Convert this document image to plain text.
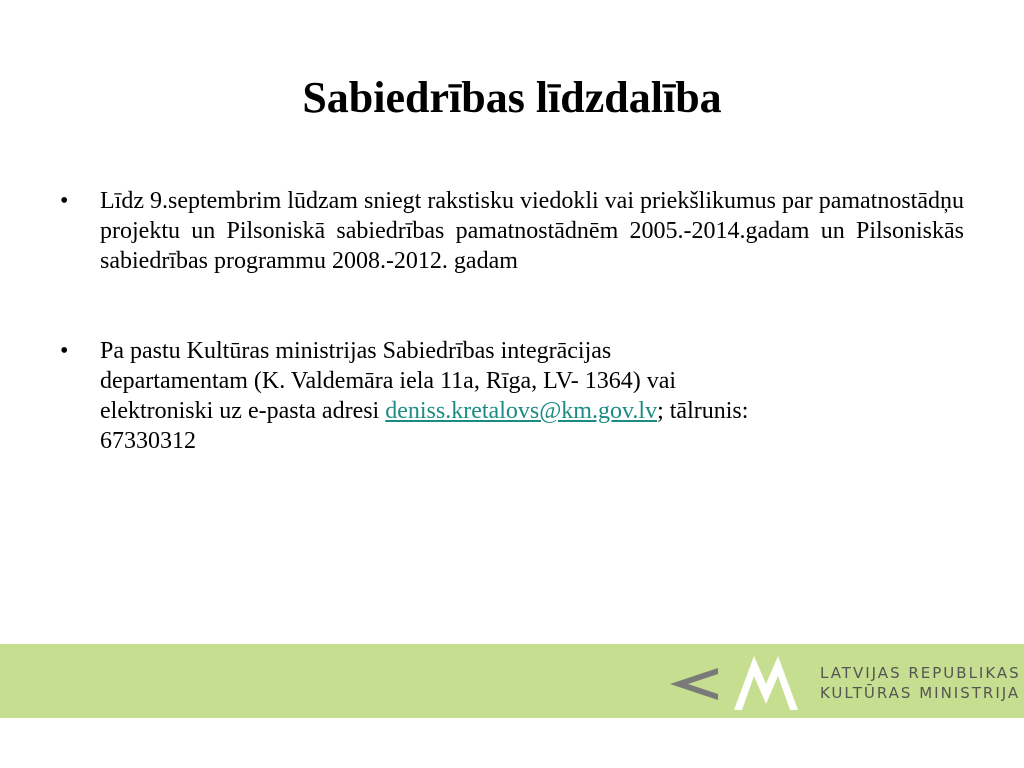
Sabiedrības līdzdalība
•	Līdz 9.septembrim lūdzam sniegt rakstisku viedokli vai priekšlikumus par pamatnostādņu projektu un Pilsoniskā sabiedrības pamatnostādnēm 2005.-2014.gadam un Pilsoniskās sabiedrības programmu 2008.-2012. gadam
•	Pa pastu Kultūras ministrijas Sabiedrības integrācijas
departamentam (K. Valdemāra iela 11a, Rīga, LV- 1364) vai
elektroniski uz e-pasta adresi deniss.kretalovs@km.gov.lv; tālrunis:
67330312
LATVIJAS REPUBLIKAS
KULTŪRAS MINISTRIJA
